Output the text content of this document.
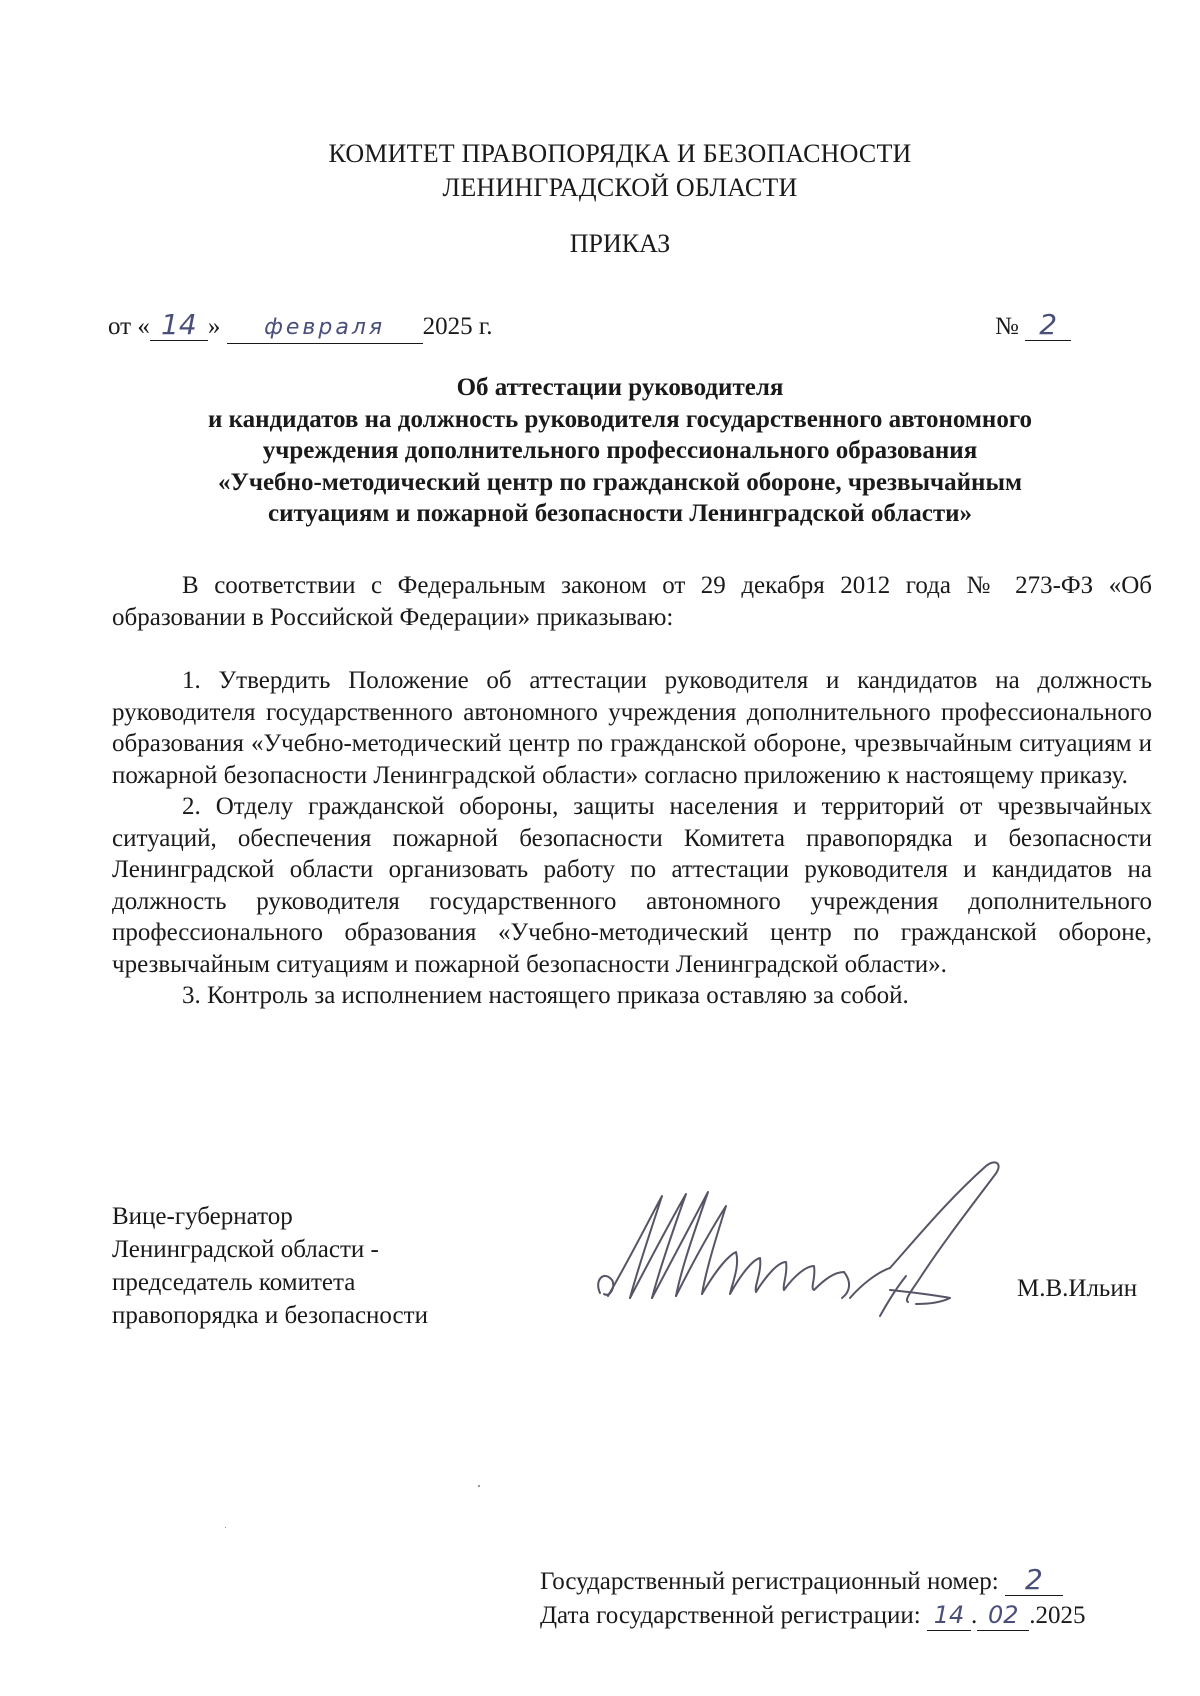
КОМИТЕТ ПРАВОПОРЯДКА И БЕЗОПАСНОСТИ
ЛЕНИНГРАДСКОЙ ОБЛАСТИ
ПРИКАЗ
от « 14 » февраля 2025 г.	№ 2
Об аттестации руководителя
и кандидатов на должность руководителя государственного автономного
учреждения дополнительного профессионального образования
«Учебно-методический центр по гражданской обороне, чрезвычайным
ситуациям и пожарной безопасности Ленинградской области»

В соответствии с Федеральным законом от 29 декабря 2012 года № 273-ФЗ «Об образовании в Российской Федерации» приказываю:

1. Утвердить Положение об аттестации руководителя и кандидатов на должность руководителя государственного автономного учреждения дополнительного профессионального образования «Учебно-методический центр по гражданской обороне, чрезвычайным ситуациям и пожарной безопасности Ленинградской области» согласно приложению к настоящему приказу.

2. Отделу гражданской обороны, защиты населения и территорий от чрезвычайных ситуаций, обеспечения пожарной безопасности Комитета правопорядка и безопасности Ленинградской области организовать работу по аттестации руководителя и кандидатов на должность руководителя государственного автономного учреждения дополнительного профессионального образования «Учебно-методический центр по гражданской обороне, чрезвычайным ситуациям и пожарной безопасности Ленинградской области».

3. Контроль за исполнением настоящего приказа оставляю за собой.

Вице-губернатор
Ленинградской области -
председатель комитета
правопорядка и безопасности
М.В.Ильин
Государственный регистрационный номер: 2
Дата государственной регистрации: 14 . 02 .2025
